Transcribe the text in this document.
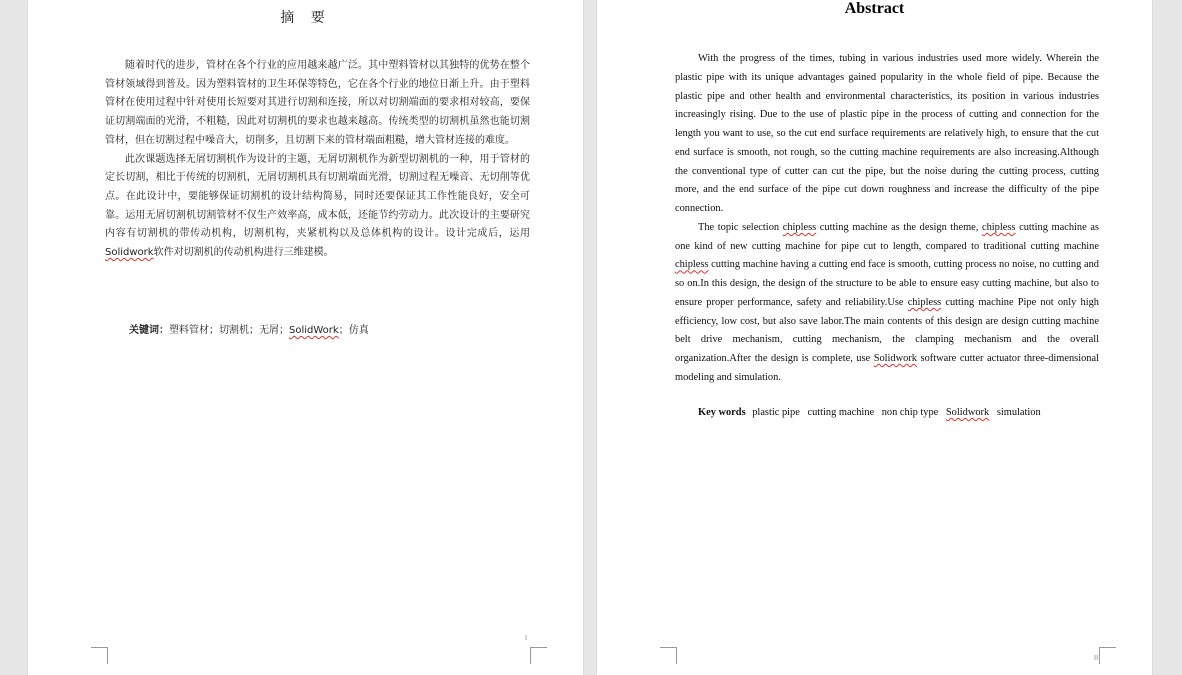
摘 要

随着时代的进步，管材在各个行业的应用越来越广泛。其中塑料管材以其独特的优势在整个管材领域得到普及。因为塑料管材的卫生环保等特色，它在各个行业的地位日渐上升。由于塑料管材在使用过程中针对使用长短要对其进行切割和连接，所以对切割端面的要求相对较高，要保证切割端面的光滑，不粗糙，因此对切割机的要求也越来越高。传统类型的切割机虽然也能切割管材，但在切割过程中噪音大，切削多，且切割下来的管材端面粗糙，增大管材连接的难度。

此次课题选择无屑切割机作为设计的主题，无屑切割机作为新型切割机的一种，用于管材的定长切割，相比于传统的切割机，无屑切割机具有切割端面光滑，切割过程无噪音、无切削等优点。在此设计中，要能够保证切割机的设计结构简易，同时还要保证其工作性能良好，安全可靠。运用无屑切割机切割管材不仅生产效率高，成本低，还能节约劳动力。此次设计的主要研究内容有切割机的带传动机构，切割机构，夹紧机构以及总体机构的设计。设计完成后，运用Solidwork软件对切割机的传动机构进行三维建模。

关键词：塑料管材；切割机；无屑；SolidWork；仿真
I
Abstract

With the progress of the times, tubing in various industries used more widely. Wherein the plastic pipe with its unique advantages gained popularity in the whole field of pipe. Because the plastic pipe and other health and environmental characteristics, its position in various industries increasingly rising. Due to the use of plastic pipe in the process of cutting and connection for the length you want to use, so the cut end surface requirements are relatively high, to ensure that the cut end surface is smooth, not rough, so the cutting machine requirements are also increasing.Although the conventional type of cutter can cut the pipe, but the noise during the cutting process, cutting more, and the end surface of the pipe cut down roughness and increase the difficulty of the pipe connection.

The topic selection chipless cutting machine as the design theme, chipless cutting machine as one kind of new cutting machine for pipe cut to length, compared to traditional cutting machine chipless cutting machine having a cutting end face is smooth, cutting process no noise, no cutting and so on.In this design, the design of the structure to be able to ensure easy cutting machine, but also to ensure proper performance, safety and reliability.Use chipless cutting machine Pipe not only high efficiency, low cost, but also save labor.The main contents of this design are design cutting machine belt drive mechanism, cutting mechanism, the clamping mechanism and the overall organization.After the design is complete, use Solidwork software cutter actuator three-dimensional modeling and simulation.

Key words plastic pipe cutting machine non chip type Solidwork simulation
II
